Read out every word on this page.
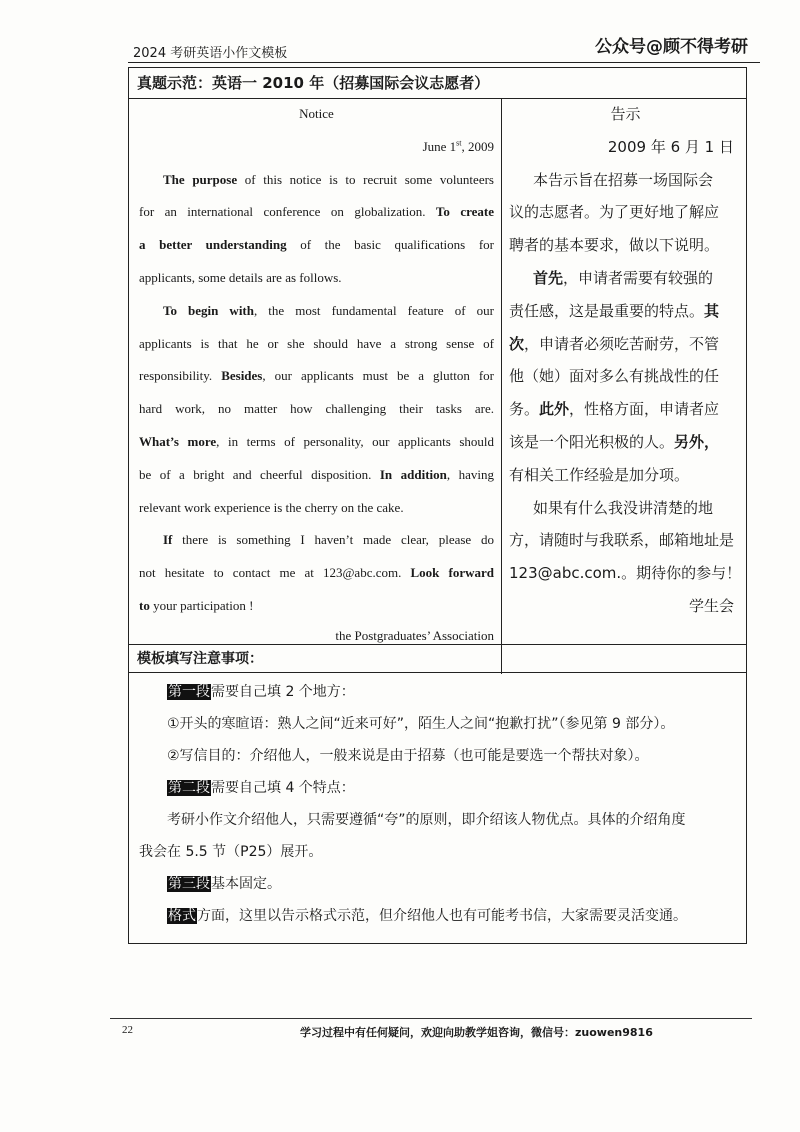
2024 考研英语小作文模板	公众号@顾不得考研
真题示范：英语一 2010 年（招募国际会议志愿者）
Notice
June 1st, 2009
The purpose of this notice is to recruit some volunteers
for an international conference on globalization. To create
a better understanding of the basic qualifications for
applicants, some details are as follows.
To begin with, the most fundamental feature of our
applicants is that he or she should have a strong sense of
responsibility. Besides, our applicants must be a glutton for
hard work, no matter how challenging their tasks are.
What’s more, in terms of personality, our applicants should
be of a bright and cheerful disposition. In addition, having
relevant work experience is the cherry on the cake.
If there is something I haven’t made clear, please do
not hesitate to contact me at 123@abc.com. Look forward
to your participation !
the Postgraduates’ Association
告示
2009 年 6 月 1 日
本告示旨在招募一场国际会
议的志愿者。为了更好地了解应
聘者的基本要求，做以下说明。
首先，申请者需要有较强的
责任感，这是最重要的特点。其
次，申请者必须吃苦耐劳，不管
他（她）面对多么有挑战性的任
务。此外，性格方面，申请者应
该是一个阳光积极的人。另外，
有相关工作经验是加分项。
如果有什么我没讲清楚的地
方，请随时与我联系，邮箱地址是
123@abc.com.。期待你的参与！
学生会
模板填写注意事项：
第一段需要自己填 2 个地方：
①开头的寒暄语：熟人之间“近来可好”，陌生人之间“抱歉打扰”（参见第 9 部分）。
②写信目的：介绍他人，一般来说是由于招募（也可能是要选一个帮扶对象）。
第二段需要自己填 4 个特点：
考研小作文介绍他人，只需要遵循“夸”的原则，即介绍该人物优点。具体的介绍角度
我会在 5.5 节（P25）展开。
第三段基本固定。
格式方面，这里以告示格式示范，但介绍他人也有可能考书信，大家需要灵活变通。
22	学习过程中有任何疑问，欢迎向助教学姐咨询，微信号：zuowen9816
